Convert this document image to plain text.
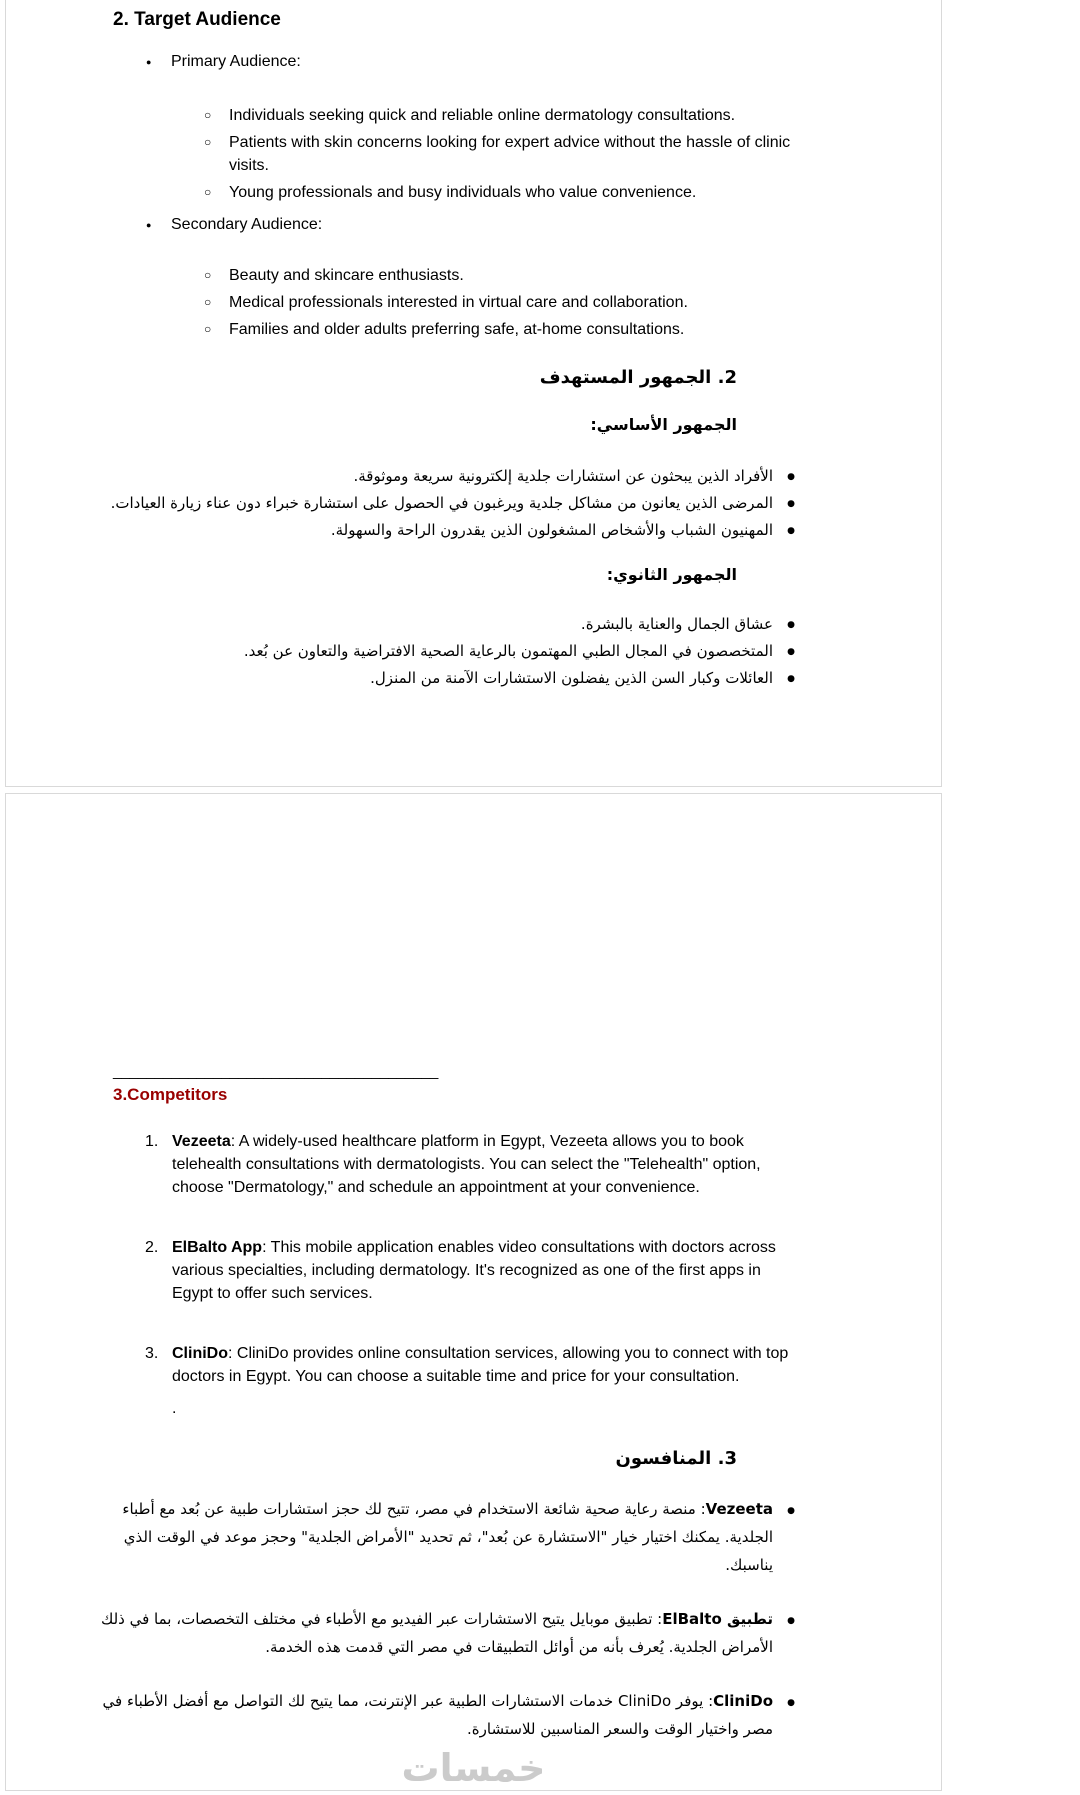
2. Target Audience
● Primary Audience:
○ Individuals seeking quick and reliable online dermatology consultations.
○ Patients with skin concerns looking for expert advice without the hassle of clinic visits.
○ Young professionals and busy individuals who value convenience.
● Secondary Audience:
○ Beauty and skincare enthusiasts.
○ Medical professionals interested in virtual care and collaboration.
○ Families and older adults preferring safe, at-home consultations.
2. الجمهور المستهدف
الجمهور الأساسي:
● الأفراد الذين يبحثون عن استشارات جلدية إلكترونية سريعة وموثوقة.
● المرضى الذين يعانون من مشاكل جلدية ويرغبون في الحصول على استشارة خبراء دون عناء زيارة العيادات.
● المهنيون الشباب والأشخاص المشغولون الذين يقدرون الراحة والسهولة.
الجمهور الثانوي:
● عشاق الجمال والعناية بالبشرة.
● المتخصصون في المجال الطبي المهتمون بالرعاية الصحية الافتراضية والتعاون عن بُعد.
● العائلات وكبار السن الذين يفضلون الاستشارات الآمنة من المنزل.
_______________________________________
3.Competitors
1. Vezeeta: A widely-used healthcare platform in Egypt, Vezeeta allows you to book telehealth consultations with dermatologists. You can select the "Telehealth" option, choose "Dermatology," and schedule an appointment at your convenience.
2. ElBalto App: This mobile application enables video consultations with doctors across various specialties, including dermatology. It's recognized as one of the first apps in Egypt to offer such services.
3. CliniDo: CliniDo provides online consultation services, allowing you to connect with top doctors in Egypt. You can choose a suitable time and price for your consultation.
.
3. المنافسون
● Vezeeta: منصة رعاية صحية شائعة الاستخدام في مصر، تتيح لك حجز استشارات طبية عن بُعد مع أطباء الجلدية. يمكنك اختيار خيار "الاستشارة عن بُعد"، ثم تحديد "الأمراض الجلدية" وحجز موعد في الوقت الذي يناسبك.
● تطبيق ElBalto: تطبيق موبايل يتيح الاستشارات عبر الفيديو مع الأطباء في مختلف التخصصات، بما في ذلك الأمراض الجلدية. يُعرف بأنه من أوائل التطبيقات في مصر التي قدمت هذه الخدمة.
● CliniDo: يوفر CliniDo خدمات الاستشارات الطبية عبر الإنترنت، مما يتيح لك التواصل مع أفضل الأطباء في مصر واختيار الوقت والسعر المناسبين للاستشارة.
خمسات
